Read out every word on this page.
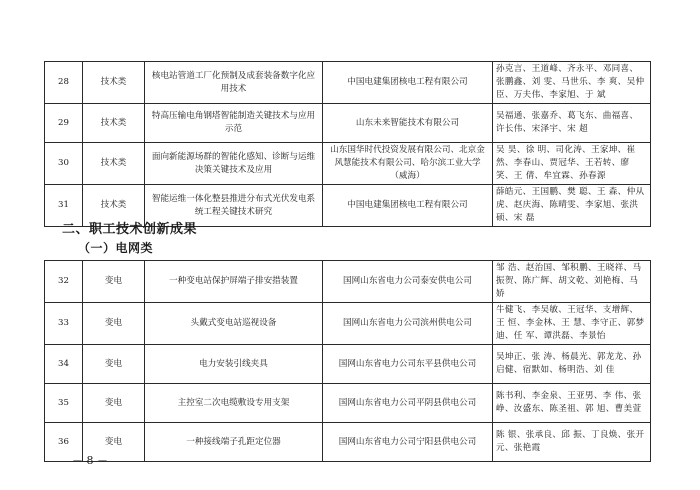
28	技术类	核电站管道工厂化预制及成套装备数字化应用技术	中国电建集团核电工程有限公司	孙克言、王道峰、齐永平、邓同喜、张鹏鑫、刘 雯、马世乐、李 爽、吴仲臣、万夫伟、李家旭、于 斌
29	技术类	特高压输电角钢塔智能制造关键技术与应用示范	山东未来智能技术有限公司	吴福通、张嘉乔、葛飞东、曲福喜、许长伟、宋泽宇、宋 超
30	技术类	面向新能源场群的智能化感知、诊断与运维决策关键技术及应用	山东国华时代投资发展有限公司、北京金风慧能技术有限公司、哈尔滨工业大学（威海）	吴 昊、徐 明、司化涛、王家坤、崔 然、李春山、贾冠华、王若转、廖 笑、王 倩、牟宜霖、孙春源
31	技术类	智能运维一体化整县推进分布式光伏发电系统工程关键技术研究	中国电建集团核电工程有限公司	薛皓元、王国鹏、樊 聪、王 森、仲从虎、赵庆海、陈晴雯、李家旭、张洪硕、宋 磊
二、职工技术创新成果
（一）电网类
32	变电	一种变电站保护屏端子排安措装置	国网山东省电力公司泰安供电公司	邹 浩、赵治国、邹积鹏、王晓祥、马振贺、陈广辉、胡文乾、刘艳梅、马 娇
33	变电	头戴式变电站巡视设备	国网山东省电力公司滨州供电公司	牛健飞、李吴敏、王冠华、支增辉、王 恒、李金林、王 慧、李守正、郭梦迪、任 军、谭洪磊、李景怡
34	变电	电力安装引线夹具	国网山东省电力公司东平县供电公司	吴坤正、张 涛、杨晨光、郭龙龙、孙启健、宿默如、杨明浩、刘 佳
35	变电	主控室二次电缆敷设专用支架	国网山东省电力公司平阴县供电公司	陈书利、李金泉、王亚男、李 伟、张 峥、汝盛东、陈圣祖、郭 旭、曹美萱
36	变电	一种接线端子孔距定位器	国网山东省电力公司宁阳县供电公司	陈 银、张承良、邱 振、丁良焕、张开元、张艳霞
－ 8 －
